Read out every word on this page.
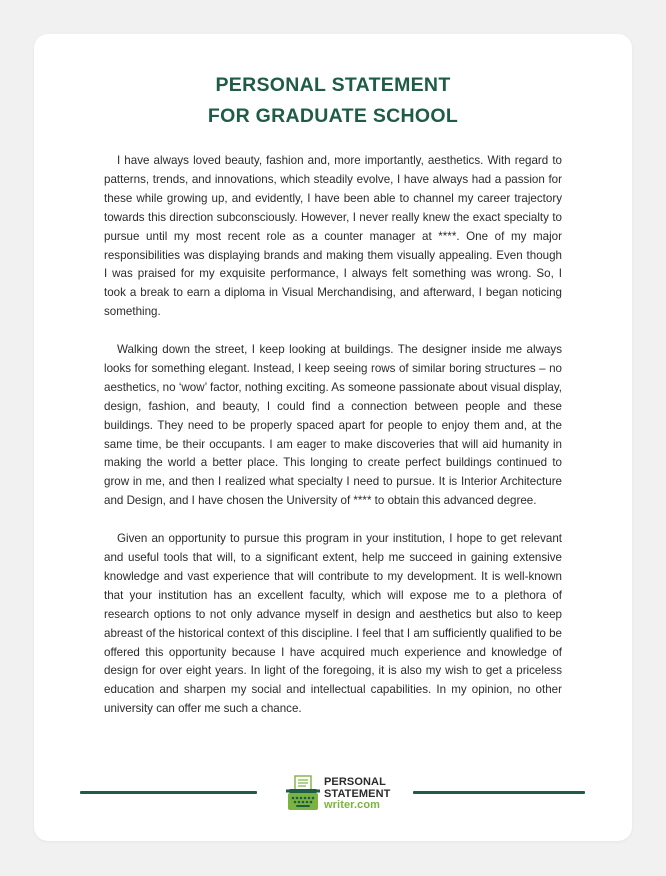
PERSONAL STATEMENT
FOR GRADUATE SCHOOL

I have always loved beauty, fashion and, more importantly, aesthetics. With regard to patterns, trends, and innovations, which steadily evolve, I have always had a passion for these while growing up, and evidently, I have been able to channel my career trajectory towards this direction subconsciously. However, I never really knew the exact specialty to pursue until my most recent role as a counter manager at ****. One of my major responsibilities was displaying brands and making them visually appealing. Even though I was praised for my exquisite performance, I always felt something was wrong. So, I took a break to earn a diploma in Visual Merchandising, and afterward, I began noticing something.

Walking down the street, I keep looking at buildings. The designer inside me always looks for something elegant. Instead, I keep seeing rows of similar boring structures – no aesthetics, no ‘wow’ factor, nothing exciting. As someone passionate about visual display, design, fashion, and beauty, I could find a connection between people and these buildings. They need to be properly spaced apart for people to enjoy them and, at the same time, be their occupants. I am eager to make discoveries that will aid humanity in making the world a better place. This longing to create perfect buildings continued to grow in me, and then I realized what specialty I need to pursue. It is Interior Architecture and Design, and I have chosen the University of **** to obtain this advanced degree.

Given an opportunity to pursue this program in your institution, I hope to get relevant and useful tools that will, to a significant extent, help me succeed in gaining extensive knowledge and vast experience that will contribute to my development. It is well-known that your institution has an excellent faculty, which will expose me to a plethora of research options to not only advance myself in design and aesthetics but also to keep abreast of the historical context of this discipline. I feel that I am sufficiently qualified to be offered this opportunity because I have acquired much experience and knowledge of design for over eight years. In light of the foregoing, it is also my wish to get a priceless education and sharpen my social and intellectual capabilities. In my opinion, no other university can offer me such a chance.

PERSONAL
STATEMENT
writer.com
